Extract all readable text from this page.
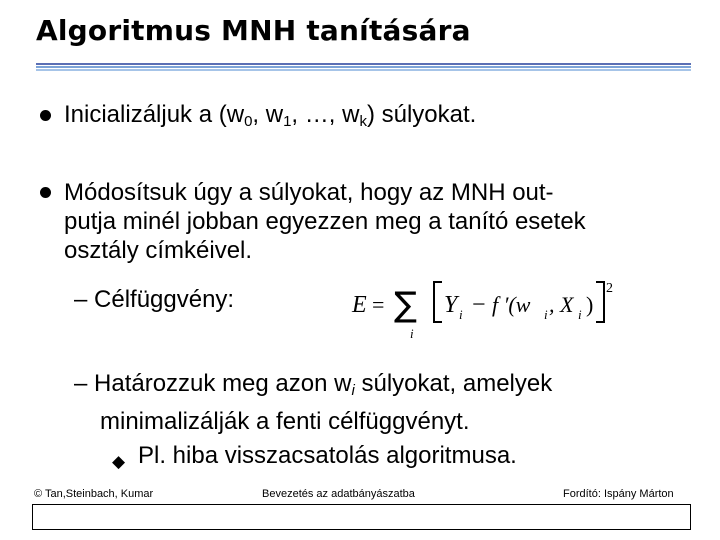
Algoritmus MNH tanítására
Inicializáljuk a ($w_0$, $w_1$, …, $w_k$) súlyokat.
Módosítsuk úgy a súlyokat, hogy az MNH out-
putja minél jobban egyezzen meg a tanító esetek
osztály címkéivel.
– Célfüggvény:	E = ∑
i
Y i − f ′(w i , X i )
2
– Határozzuk meg azon $w_i$ súlyokat, amelyek
minimalizálják a fenti célfüggvényt.
◆ Pl. hiba visszacsatolás algoritmusa.
© Tan,Steinbach, Kumar	Bevezetés az adatbányászatba	Fordító: Ispány Márton
